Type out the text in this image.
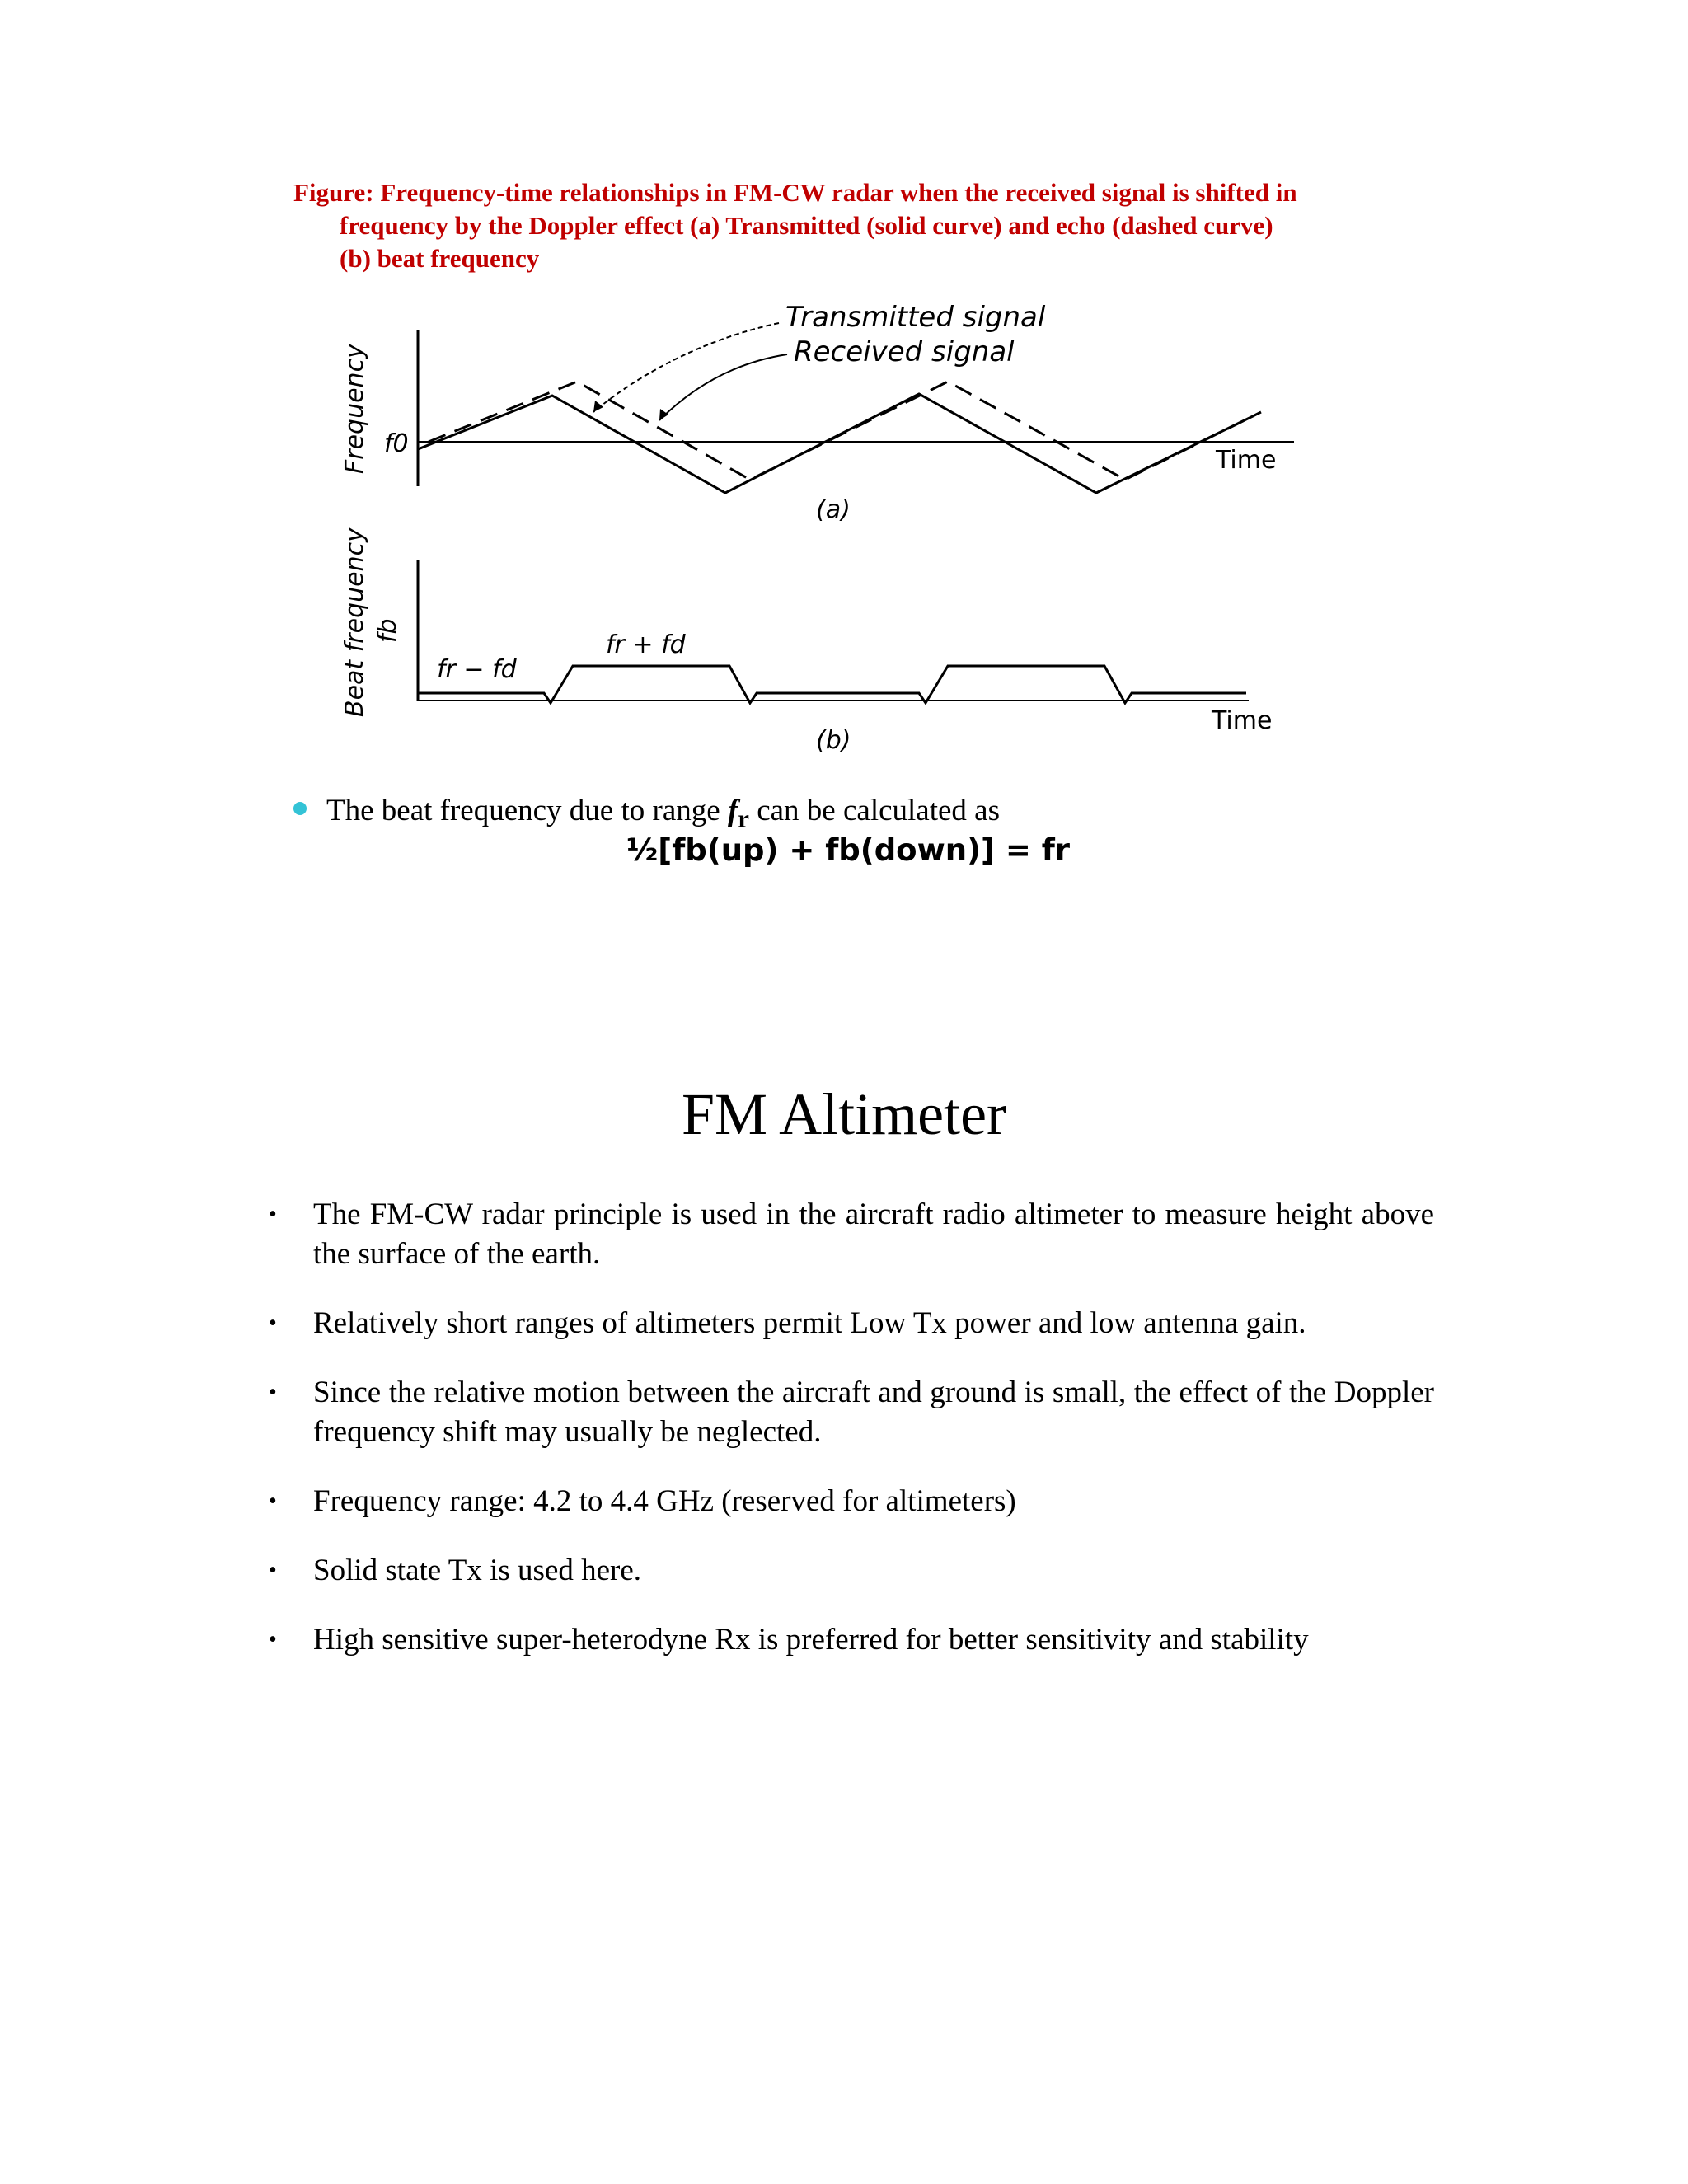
Figure: Frequency-time relationships in FM-CW radar when the received signal is shifted in
frequency by the Doppler effect (a) Transmitted (solid curve) and echo (dashed curve)
(b) beat frequency
Transmitted signal
Received signal
Frequency f0
Time
(a)
Beat frequency fb
fr − fd
fr + fd
Time
(b)
The beat frequency due to range $f_r$ can be calculated as
½[fb(up) + fb(down)] = fr
FM Altimeter
• The FM-CW radar principle is used in the aircraft radio altimeter to measure height above the surface of the earth.
• Relatively short ranges of altimeters permit Low Tx power and low antenna gain.
• Since the relative motion between the aircraft and ground is small, the effect of the Doppler frequency shift may usually be neglected.
• Frequency range: 4.2 to 4.4 GHz (reserved for altimeters)
• Solid state Tx is used here.
• High sensitive super-heterodyne Rx is preferred for better sensitivity and stability
